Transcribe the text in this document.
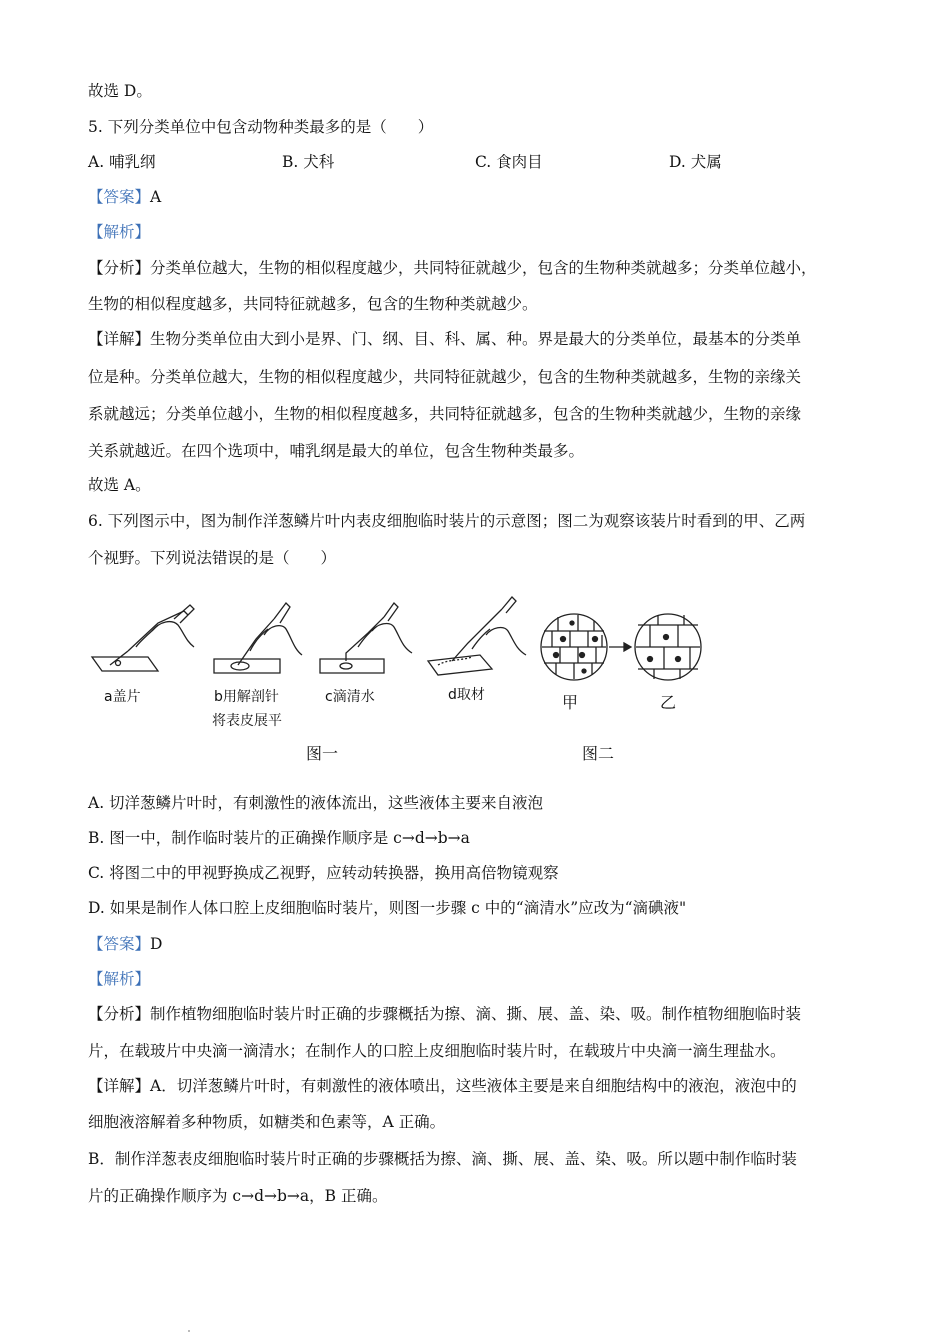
故选 D。
5. 下列分类单位中包含动物种类最多的是（　　）
A. 哺乳纲	B. 犬科	C. 食肉目	D. 犬属
【答案】A
【解析】
【分析】分类单位越大，生物的相似程度越少，共同特征就越少，包含的生物种类就越多；分类单位越小，
生物的相似程度越多，共同特征就越多，包含的生物种类就越少。
【详解】生物分类单位由大到小是界、门、纲、目、科、属、种。界是最大的分类单位，最基本的分类单
位是种。分类单位越大，生物的相似程度越少，共同特征就越少，包含的生物种类就越多，生物的亲缘关
系就越远；分类单位越小，生物的相似程度越多，共同特征就越多，包含的生物种类就越少，生物的亲缘
关系就越近。在四个选项中，哺乳纲是最大的单位，包含生物种类最多。
故选 A。
6. 下列图示中，图为制作洋葱鳞片叶内表皮细胞临时装片的示意图；图二为观察该装片时看到的甲、乙两
个视野。下列说法错误的是（　　）
a盖片	b用解剖针
将表皮展平
c滴清水	d取材	甲	乙
图一	图二
A. 切洋葱鳞片叶时，有刺激性的液体流出，这些液体主要来自液泡
B. 图一中，制作临时装片的正确操作顺序是 c→d→b→a
C. 将图二中的甲视野换成乙视野，应转动转换器，换用高倍物镜观察
D. 如果是制作人体口腔上皮细胞临时装片，则图一步骤 c 中的“滴清水”应改为“滴碘液"
【答案】D
【解析】
【分析】制作植物细胞临时装片时正确的步骤概括为擦、滴、撕、展、盖、染、吸。制作植物细胞临时装
片，在载玻片中央滴一滴清水；在制作人的口腔上皮细胞临时装片时，在载玻片中央滴一滴生理盐水。
【详解】A．切洋葱鳞片叶时，有刺激性的液体喷出，这些液体主要是来自细胞结构中的液泡，液泡中的
细胞液溶解着多种物质，如糖类和色素等，A 正确。
B．制作洋葱表皮细胞临时装片时正确的步骤概括为擦、滴、撕、展、盖、染、吸。所以题中制作临时装
片的正确操作顺序为 c→d→b→a，B 正确。
